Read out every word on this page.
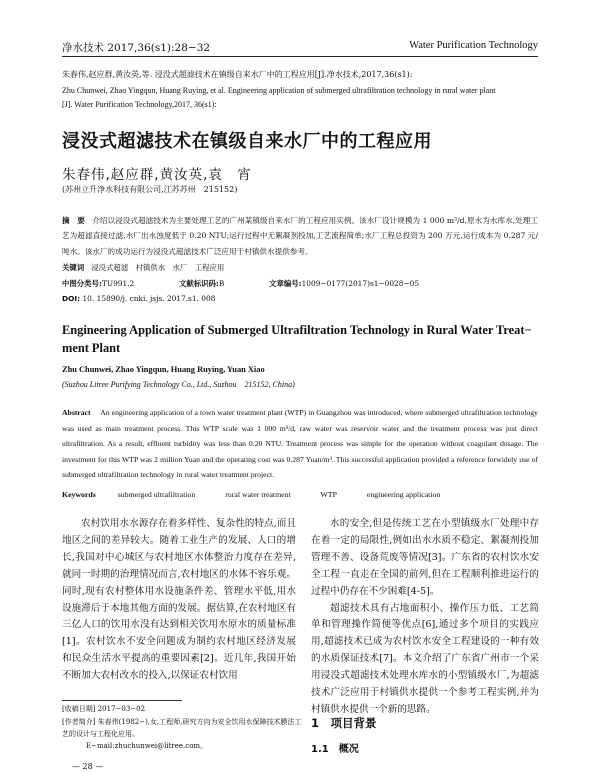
净水技术 2017,36(s1):28−32	Water Purification Technology
朱春伟,赵应群,黄汝英,等. 浸没式超滤技术在镇级自来水厂中的工程应用[J].净水技术,2017,36(s1):
Zhu Chunwei, Zhao Yingqun, Huang Ruying, et al. Engineering application of submerged ultrafiltration technology in rural water plant
[J]. Water Purification Technology,2017, 36(s1):
浸没式超滤技术在镇级自来水厂中的工程应用
朱春伟,赵应群,黄汝英,袁　宵
(苏州立升净水科技有限公司,江苏苏州　215152)
摘　要 介绍以浸没式超滤技术为主要处理工艺的广州某镇级自来水厂的工程应用实例。该水厂设计规模为 1 000 m³/d,原水为水库水,处理工艺为超滤直接过滤,水厂出水浊度低于 0.20 NTU;运行过程中无絮凝剂投加,工艺流程简单;水厂工程总投资为 200 万元,运行成本为 0.287 元/吨水。该水厂的成功运行为浸没式超滤技术广泛应用于村镇供水提供参考。
关键词 浸没式超滤　村镇供水　水厂　工程应用
中图分类号:TU991.2	文献标识码:B	文章编号:1009−0177(2017)s1−0028−05
DOI: 10. 15890/j. cnki. jsjs. 2017.s1. 008
Engineering Application of Submerged Ultrafiltration Technology in Rural Water Treat− ment Plant
Zhu Chunwei, Zhao Yingqun, Huang Ruying, Yuan Xiao
(Suzhou Litree Purifying Technology Co., Ltd., Suzhou　215152, China)
Abstract An engineering application of a town water treatment plant (WTP) in Guangzhou was introduced, where submerged ultrafiltration technology was used as main treatment process. This WTP scale was 1 000 m³/d, raw water was reservoir water and the treatment process was just direct ultrafiltration. As a result, effluent turbidity was less than 0.20 NTU. Treatment process was simple for the operation without coagulant dosage. The investment for this WTP was 2 million Yuan and the operating cost was 0.287 Yuan/m³. This successful application provided a reference forwidely use of submerged ultrafiltration technology in rural water treatment project.
Keywords	submerged ultrafiltration	rural water treatment	WTP	engineering application
农村饮用水水源存在着多样性、复杂性的特点,而且地区之间的差异较大。随着工业生产的发展、人口的增长,我国对中心城区与农村地区水体整治力度存在差异,就同一时期的治理情况而言,农村地区的水体不容乐观。同时,现有农村整体用水设施条件差、管理水平低,用水设施滞后于本地其他方面的发展。据估算,在农村地区有三亿人口的饮用水没有达到相关饮用水原水的质量标准[1]。农村饮水不安全问题成为制约农村地区经济发展和民众生活水平提高的重要因素[2]。近几年,我国开始不断加大农村改水的投入,以保证农村饮用

水的安全,但是传统工艺在小型镇级水厂处理中存在着一定的局限性,例如出水水质不稳定、絮凝剂投加管理不善、设备荒废等情况[3]。广东省的农村饮水安全工程一直走在全国的前列,但在工程顺利推进运行的过程中仍存在不少困难[4-5]。

超滤技术具有占地面积小、操作压力低、工艺简单和管理操作简便等优点[6],通过多个项目的实践应用,超滤技术已成为农村饮水安全工程建设的一种有效的水质保证技术[7]。本文介绍了广东省广州市一个采用浸没式超滤技术处理水库水的小型镇级水厂,为超滤技术广泛应用于村镇供水提供一个参考工程实例,并为村镇供水提供一个新的思路。

[收稿日期] 2017−03−02
[作者简介] 朱春伟(1982−),女,工程师,研究方向为安全饮用水保障技术膜法工艺的设计与工程化应用。
E−mail:zhuchunwei@litree.com。
1　项目背景
1.1　概况
— 28 —
